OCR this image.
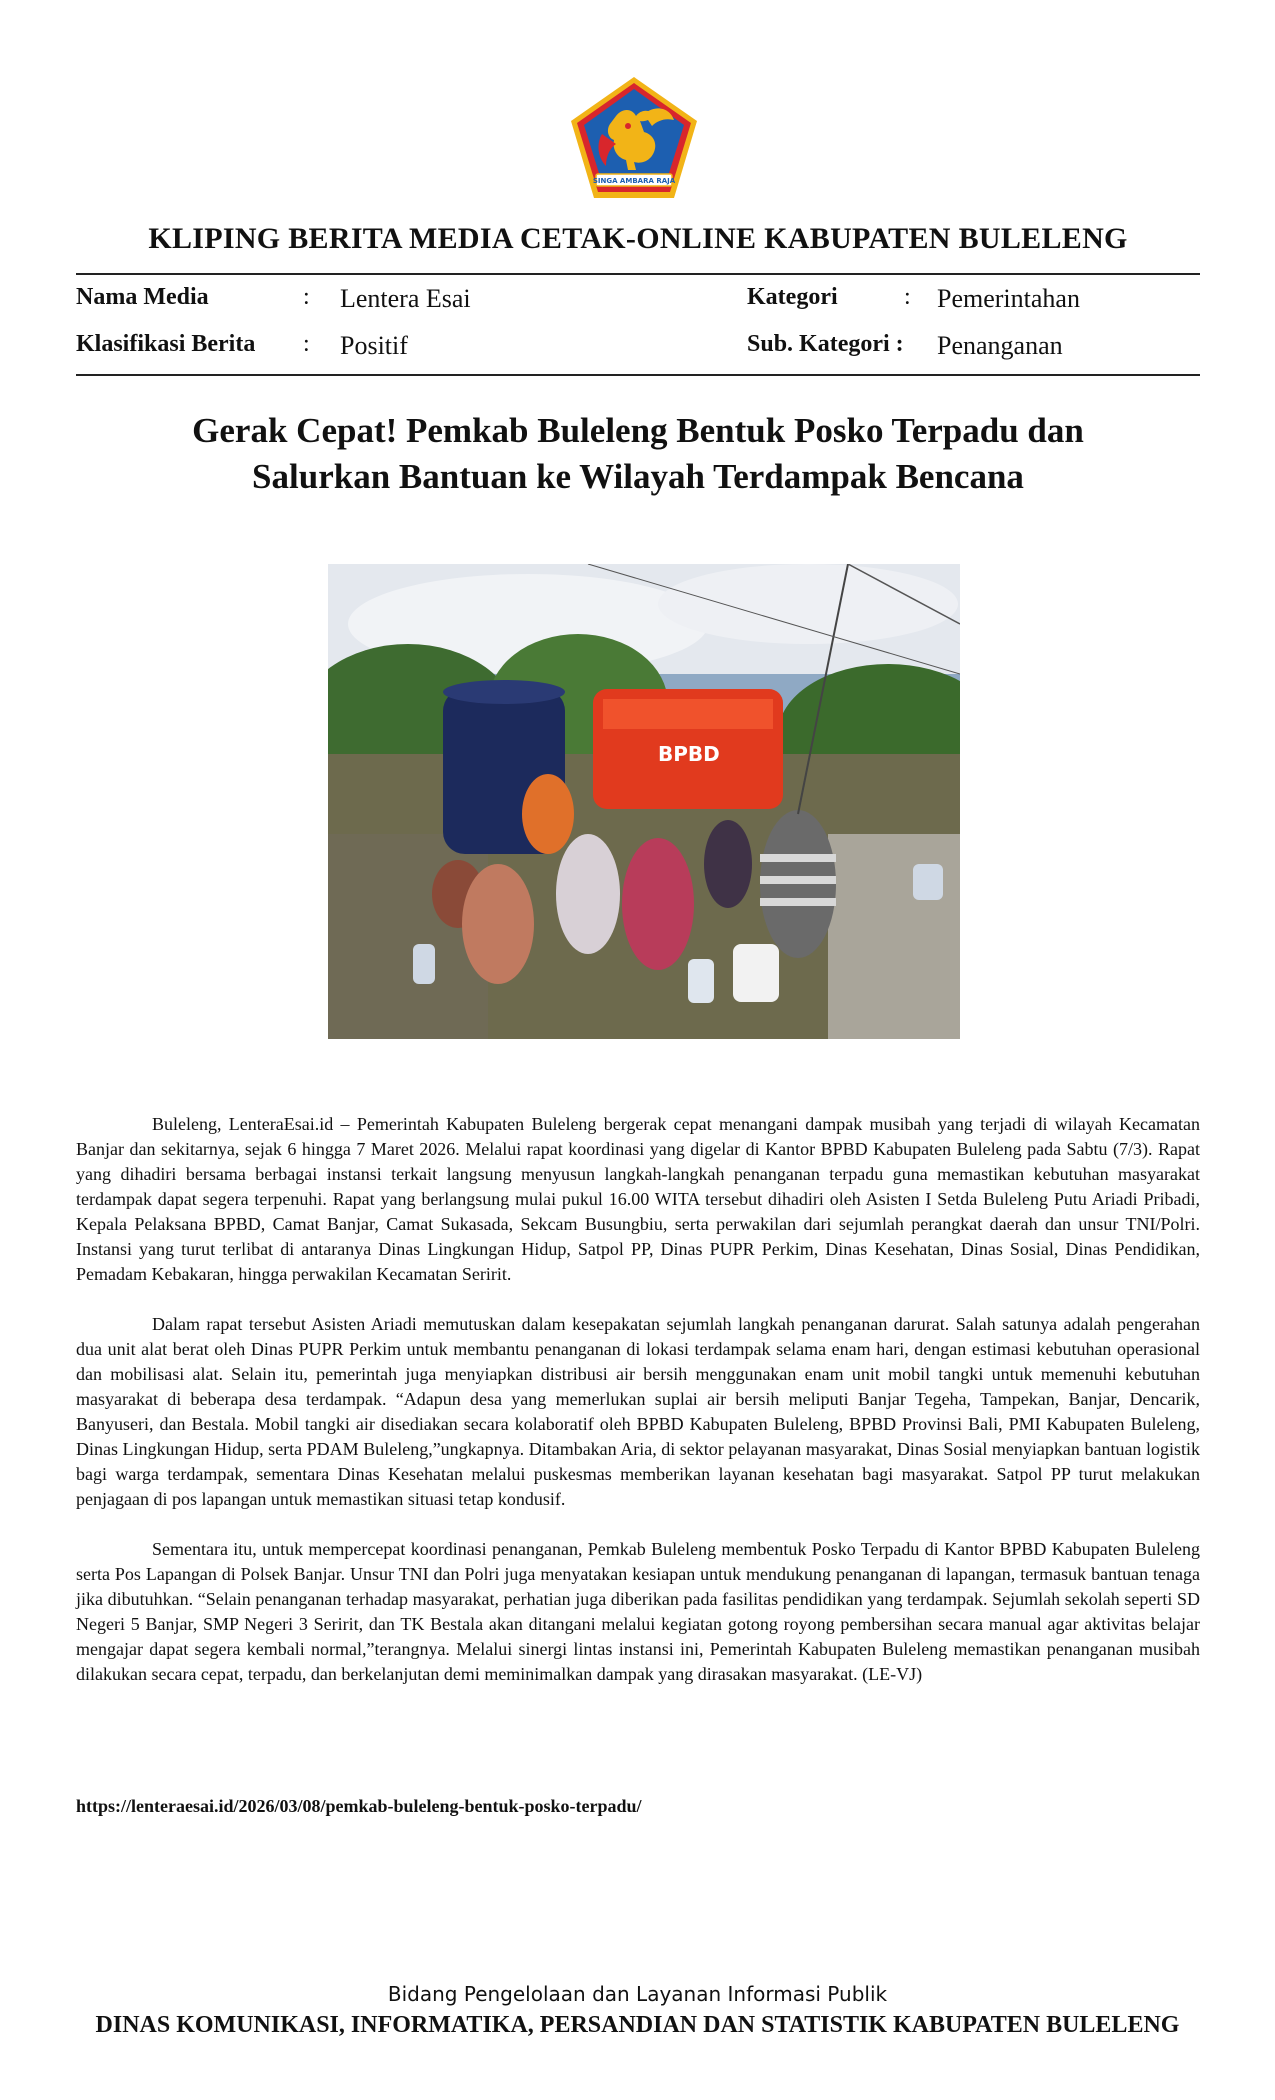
SINGA AMBARA RAJA
KLIPING BERITA MEDIA CETAK-ONLINE KABUPATEN BULELENG
Nama Media	: Lentera Esai	Kategori	: Pemerintahan
Klasifikasi Berita : Positif	Sub. Kategori : Penanganan
Gerak Cepat! Pemkab Buleleng Bentuk Posko Terpadu dan
Salurkan Bantuan ke Wilayah Terdampak Bencana
BPBD

Buleleng, LenteraEsai.id – Pemerintah Kabupaten Buleleng bergerak cepat menangani dampak musibah yang terjadi di wilayah Kecamatan Banjar dan sekitarnya, sejak 6 hingga 7 Maret 2026. Melalui rapat koordinasi yang digelar di Kantor BPBD Kabupaten Buleleng pada Sabtu (7/3). Rapat yang dihadiri bersama berbagai instansi terkait langsung menyusun langkah-langkah penanganan terpadu guna memastikan kebutuhan masyarakat terdampak dapat segera terpenuhi. Rapat yang berlangsung mulai pukul 16.00 WITA tersebut dihadiri oleh Asisten I Setda Buleleng Putu Ariadi Pribadi, Kepala Pelaksana BPBD, Camat Banjar, Camat Sukasada, Sekcam Busungbiu, serta perwakilan dari sejumlah perangkat daerah dan unsur TNI/Polri. Instansi yang turut terlibat di antaranya Dinas Lingkungan Hidup, Satpol PP, Dinas PUPR Perkim, Dinas Kesehatan, Dinas Sosial, Dinas Pendidikan, Pemadam Kebakaran, hingga perwakilan Kecamatan Seririt.

Dalam rapat tersebut Asisten Ariadi memutuskan dalam kesepakatan sejumlah langkah penanganan darurat. Salah satunya adalah pengerahan dua unit alat berat oleh Dinas PUPR Perkim untuk membantu penanganan di lokasi terdampak selama enam hari, dengan estimasi kebutuhan operasional dan mobilisasi alat. Selain itu, pemerintah juga menyiapkan distribusi air bersih menggunakan enam unit mobil tangki untuk memenuhi kebutuhan masyarakat di beberapa desa terdampak. “Adapun desa yang memerlukan suplai air bersih meliputi Banjar Tegeha, Tampekan, Banjar, Dencarik, Banyuseri, dan Bestala. Mobil tangki air disediakan secara kolaboratif oleh BPBD Kabupaten Buleleng, BPBD Provinsi Bali, PMI Kabupaten Buleleng, Dinas Lingkungan Hidup, serta PDAM Buleleng,”ungkapnya. Ditambakan Aria, di sektor pelayanan masyarakat, Dinas Sosial menyiapkan bantuan logistik bagi warga terdampak, sementara Dinas Kesehatan melalui puskesmas memberikan layanan kesehatan bagi masyarakat. Satpol PP turut melakukan penjagaan di pos lapangan untuk memastikan situasi tetap kondusif.

Sementara itu, untuk mempercepat koordinasi penanganan, Pemkab Buleleng membentuk Posko Terpadu di Kantor BPBD Kabupaten Buleleng serta Pos Lapangan di Polsek Banjar. Unsur TNI dan Polri juga menyatakan kesiapan untuk mendukung penanganan di lapangan, termasuk bantuan tenaga jika dibutuhkan. “Selain penanganan terhadap masyarakat, perhatian juga diberikan pada fasilitas pendidikan yang terdampak. Sejumlah sekolah seperti SD Negeri 5 Banjar, SMP Negeri 3 Seririt, dan TK Bestala akan ditangani melalui kegiatan gotong royong pembersihan secara manual agar aktivitas belajar mengajar dapat segera kembali normal,”terangnya. Melalui sinergi lintas instansi ini, Pemerintah Kabupaten Buleleng memastikan penanganan musibah dilakukan secara cepat, terpadu, dan berkelanjutan demi meminimalkan dampak yang dirasakan masyarakat. (LE-VJ)

https://lenteraesai.id/2026/03/08/pemkab-buleleng-bentuk-posko-terpadu/
Bidang Pengelolaan dan Layanan Informasi Publik
DINAS KOMUNIKASI, INFORMATIKA, PERSANDIAN DAN STATISTIK KABUPATEN BULELENG
